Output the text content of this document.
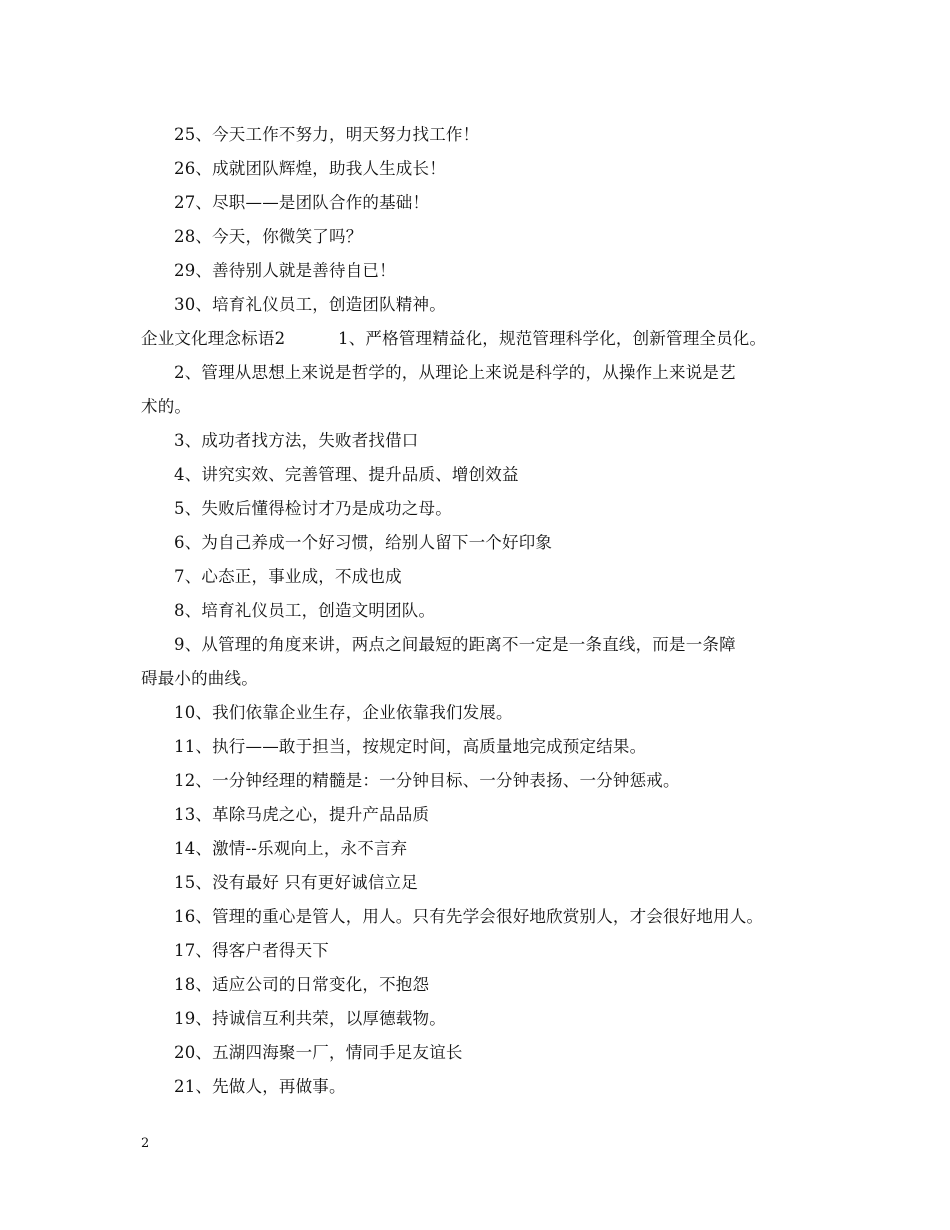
25、今天工作不努力，明天努力找工作！
26、成就团队辉煌，助我人生成长！
27、尽职——是团队合作的基础！
28、今天，你微笑了吗？
29、善待别人就是善待自已！
30、培育礼仪员工，创造团队精神。
企业文化理念标语2	1、严格管理精益化，规范管理科学化，创新管理全员化。
2、管理从思想上来说是哲学的，从理论上来说是科学的，从操作上来说是艺
术的。
3、成功者找方法，失败者找借口
4、讲究实效、完善管理、提升品质、增创效益
5、失败后懂得检讨才乃是成功之母。
6、为自己养成一个好习惯，给别人留下一个好印象
7、心态正，事业成，不成也成
8、培育礼仪员工，创造文明团队。
9、从管理的角度来讲，两点之间最短的距离不一定是一条直线，而是一条障
碍最小的曲线。
10、我们依靠企业生存，企业依靠我们发展。
11、执行——敢于担当，按规定时间，高质量地完成预定结果。
12、一分钟经理的精髓是：一分钟目标、一分钟表扬、一分钟惩戒。
13、革除马虎之心，提升产品品质
14、激情--乐观向上，永不言弃
15、没有最好 只有更好诚信立足
16、管理的重心是管人，用人。只有先学会很好地欣赏别人，才会很好地用人。
17、得客户者得天下
18、适应公司的日常变化，不抱怨
19、持诚信互利共荣，以厚德载物。
20、五湖四海聚一厂，情同手足友谊长
21、先做人，再做事。
2
